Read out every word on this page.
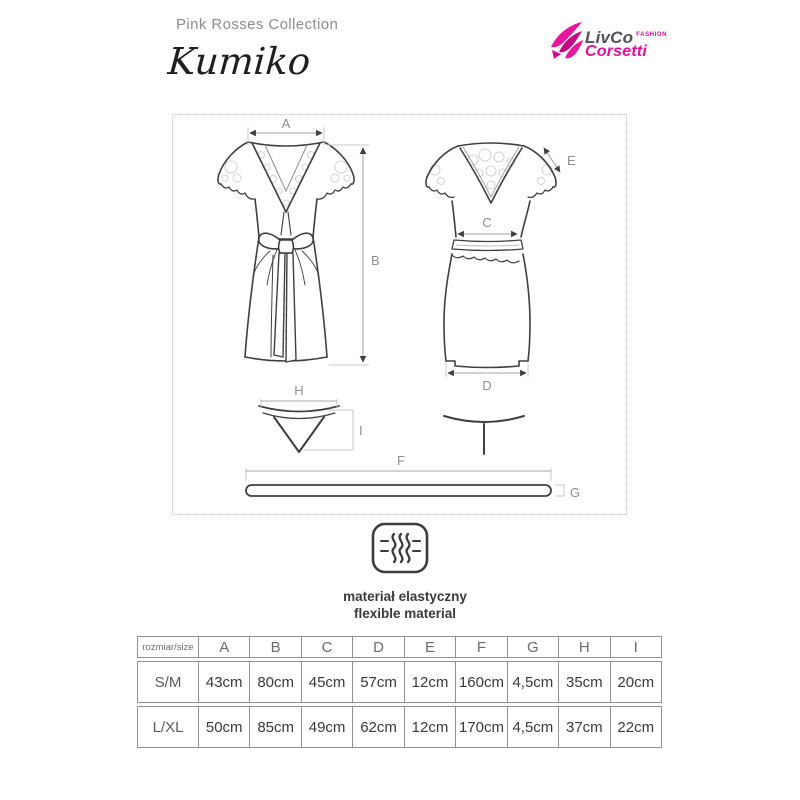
Pink Rosses Collection
Kumiko
LivCo FASHION
Corsetti
A
B
C
D
E
F
G
H
I
materiał elastyczny
flexible material
rozmiar/size	A	B	C	D	E	F	G	H	I
S/M	43cm 80cm 45cm 57cm 12cm 160cm 4,5cm 35cm 20cm
L/XL	50cm 85cm 49cm 62cm 12cm 170cm 4,5cm 37cm 22cm
